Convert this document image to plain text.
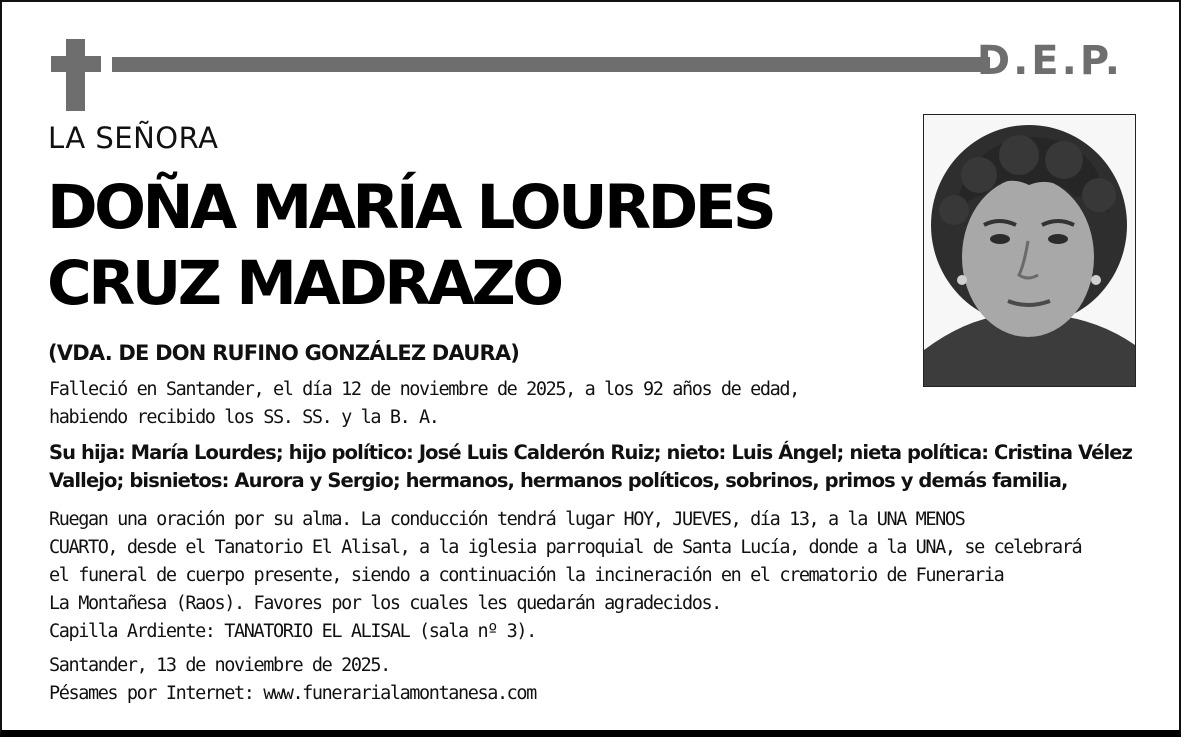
D.E.P.
LA SEÑORA
DOÑA MARÍA LOURDES
CRUZ MADRAZO
(VDA. DE DON RUFINO GONZÁLEZ DAURA)

Falleció en Santander, el día 12 de noviembre de 2025, a los 92 años de edad,
habiendo recibido los SS. SS. y la B. A.

Su hija: María Lourdes; hijo político: José Luis Calderón Ruiz; nieto: Luis Ángel; nieta política: Cristina Vélez
Vallejo; bisnietos: Aurora y Sergio; hermanos, hermanos políticos, sobrinos, primos y demás familia,

Ruegan una oración por su alma. La conducción tendrá lugar HOY, JUEVES, día 13, a la UNA MENOS
CUARTO, desde el Tanatorio El Alisal, a la iglesia parroquial de Santa Lucía, donde a la UNA, se celebrará
el funeral de cuerpo presente, siendo a continuación la incineración en el crematorio de Funeraria
La Montañesa (Raos). Favores por los cuales les quedarán agradecidos.
Capilla Ardiente: TANATORIO EL ALISAL (sala nº 3).

Santander, 13 de noviembre de 2025.
Pésames por Internet: www.funerarialamontanesa.com
